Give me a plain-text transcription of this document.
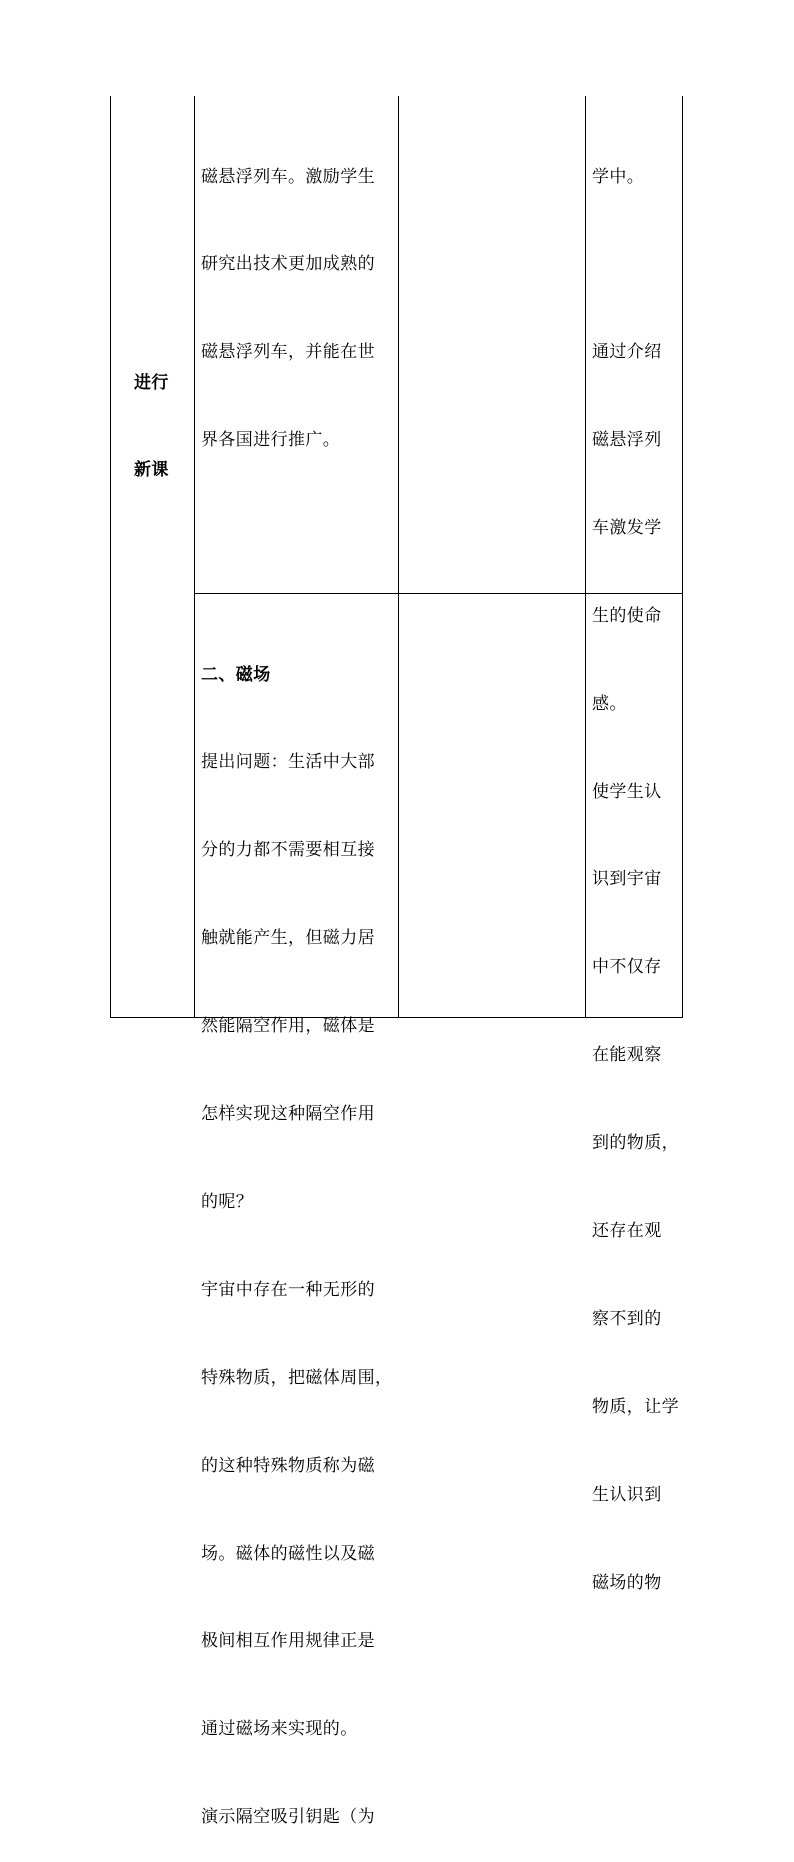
进行

新课

磁悬浮列车。激励学生

研究出技术更加成熟的

磁悬浮列车，并能在世

界各国进行推广。

学中。

通过介绍

磁悬浮列

车激发学

生的使命

感。

二、磁场

提出问题：生活中大部

分的力都不需要相互接

触就能产生，但磁力居

然能隔空作用，磁体是

怎样实现这种隔空作用

的呢？

宇宙中存在一种无形的

特殊物质，把磁体周围，

的这种特殊物质称为磁

场。磁体的磁性以及磁

极间相互作用规律正是

通过磁场来实现的。

演示隔空吸引钥匙（为

使学生认

识到宇宙

中不仅存

在能观察

到的物质，

还存在观

察不到的

物质，让学

生认识到

磁场的物
